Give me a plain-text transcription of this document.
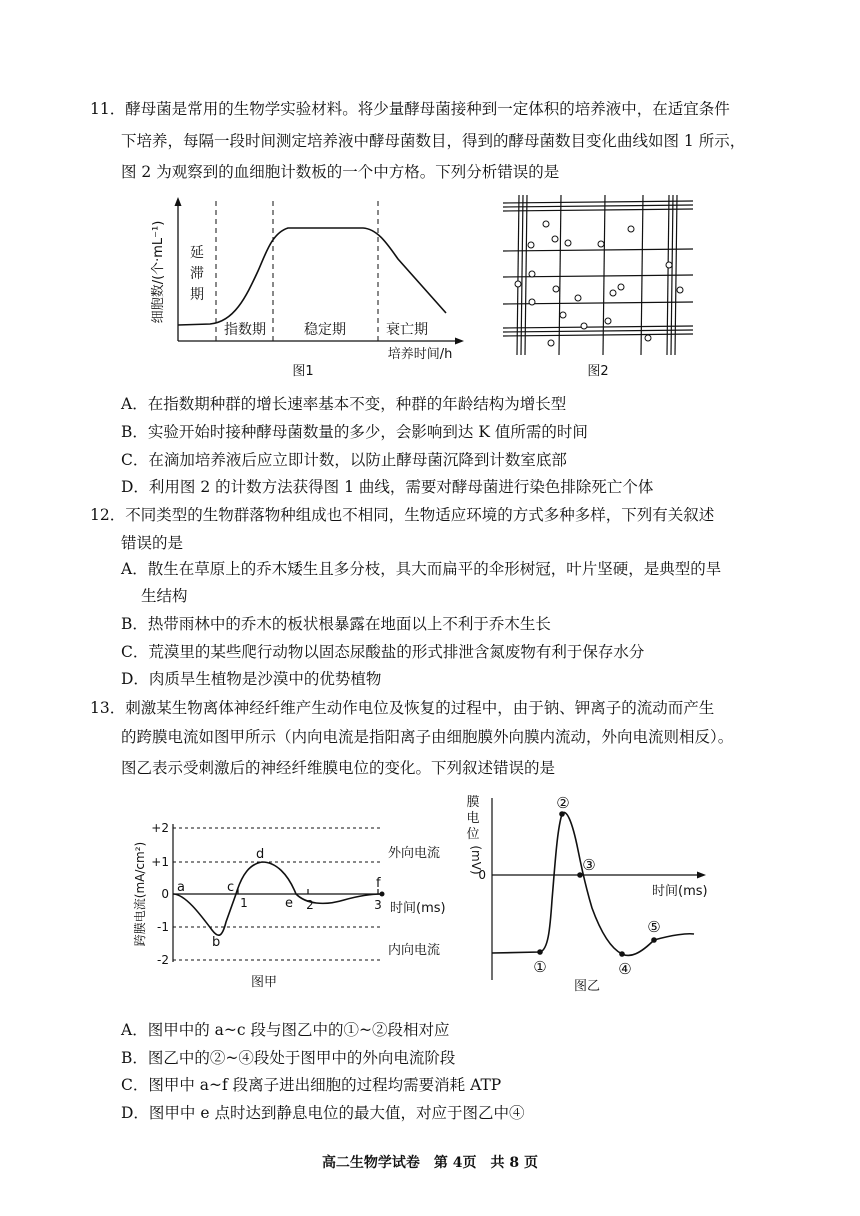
11．酵母菌是常用的生物学实验材料。将少量酵母菌接种到一定体积的培养液中，在适宜条件
下培养，每隔一段时间测定培养液中酵母菌数目，得到的酵母菌数目变化曲线如图 1 所示，
图 2 为观察到的血细胞计数板的一个中方格。下列分析错误的是
细胞数/(个·mL⁻¹) 延
滞
期
指数期	稳定期	衰亡期
培养时间/h
图1	图2
A．在指数期种群的增长速率基本不变，种群的年龄结构为增长型
B．实验开始时接种酵母菌数量的多少，会影响到达 K 值所需的时间
C．在滴加培养液后应立即计数，以防止酵母菌沉降到计数室底部
D．利用图 2 的计数方法获得图 1 曲线，需要对酵母菌进行染色排除死亡个体
12．不同类型的生物群落物种组成也不相同，生物适应环境的方式多种多样，下列有关叙述
错误的是
A．散生在草原上的乔木矮生且多分枝，具大而扁平的伞形树冠，叶片坚硬，是典型的旱
生结构
B．热带雨林中的乔木的板状根暴露在地面以上不利于乔木生长
C．荒漠里的某些爬行动物以固态尿酸盐的形式排泄含氮废物有利于保存水分
D．肉质旱生植物是沙漠中的优势植物
13．刺激某生物离体神经纤维产生动作电位及恢复的过程中，由于钠、钾离子的流动而产生
的跨膜电流如图甲所示（内向电流是指阳离子由细胞膜外向膜内流动，外向电流则相反）。
图乙表示受刺激后的神经纤维膜电位的变化。下列叙述错误的是
+2
+1
0
-1
-2
跨膜电流(mA/cm²)	1	2	3 时间(ms)
a
b
c
d
e
f
外向电流
内向电流
图甲
膜
电
位
(mV)
0
时间(ms)
①
②
③
④
⑤
图乙
A．图甲中的 a~c 段与图乙中的①~②段相对应
B．图乙中的②~④段处于图甲中的外向电流阶段
C．图甲中 a~f 段离子进出细胞的过程均需要消耗 ATP
D．图甲中 e 点时达到静息电位的最大值，对应于图乙中④
高二生物学试卷　第 4页　共 8 页
